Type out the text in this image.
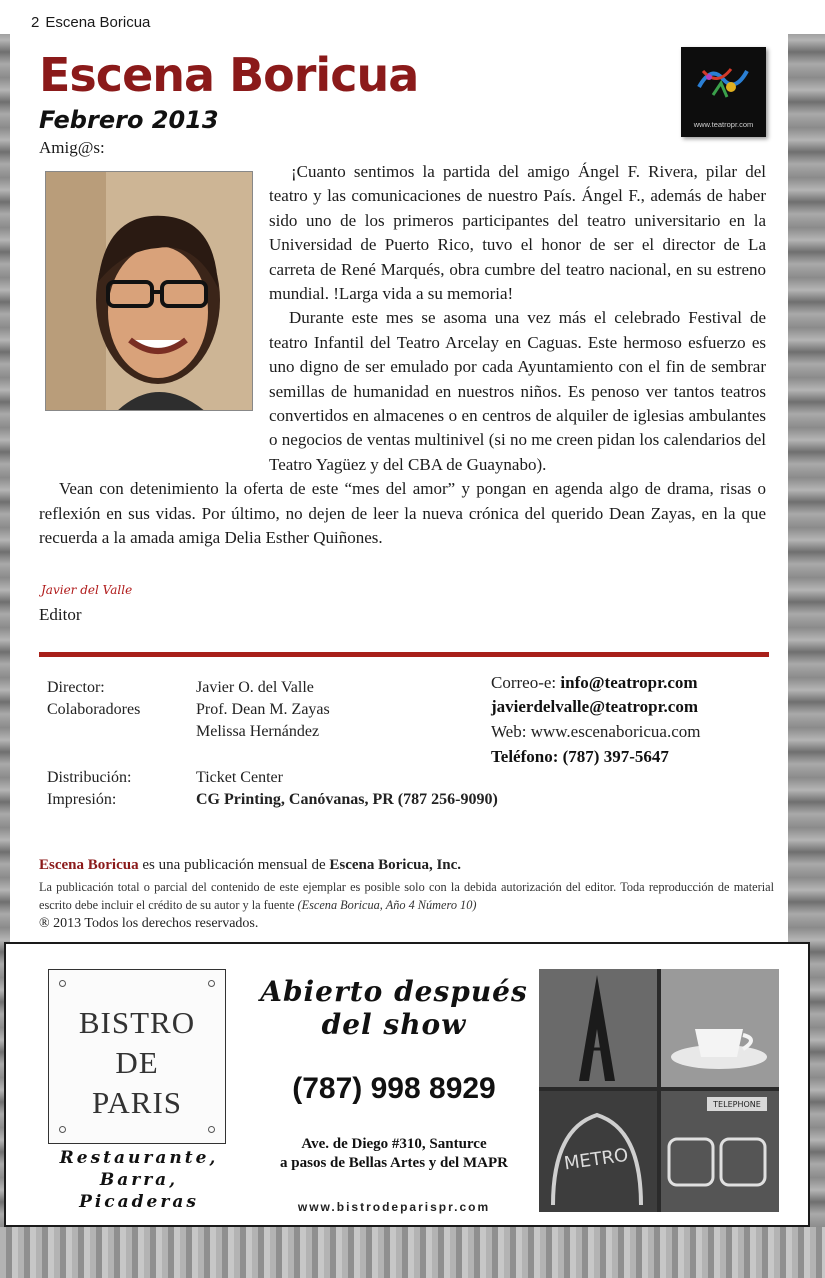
2 Escena Boricua
Escena Boricua
Febrero 2013	www.teatropr.com
Amig@s:

¡Cuanto sentimos la partida del amigo Ángel F. Rivera, pilar del teatro y las comunicaciones de nuestro País. Ángel F., además de haber sido uno de los primeros participantes del teatro universitario en la Universidad de Puerto Rico, tuvo el honor de ser el director de La carreta de René Marqués, obra cumbre del teatro nacional, en su estreno mundial. !Larga vida a su memoria!

Durante este mes se asoma una vez más el celebrado Festival de teatro Infantil del Teatro Arcelay en Caguas. Este hermoso esfuerzo es uno digno de ser emulado por cada Ayuntamiento con el fin de sembrar semillas de humanidad en nuestros niños. Es penoso ver tantos teatros convertidos en almacenes o en centros de alquiler de iglesias ambulantes o negocios de ventas multinivel (si no me creen pidan los calendarios del Teatro Yagüez y del CBA de Guaynabo).

Vean con detenimiento la oferta de este “mes del amor” y pongan en agenda algo de drama, risas o reflexión en sus vidas. Por último, no dejen de leer la nueva crónica del querido Dean Zayas, en la que recuerda a la amada amiga Delia Esther Quiñones.

Javier del Valle
Editor
Director:	Javier O. del Valle
Colaboradores	Prof. Dean M. Zayas
Melissa Hernández
Distribución:	Ticket Center
Impresión:	CG Printing, Canóvanas, PR (787 256-9090)
Correo-e: info@teatropr.com
javierdelvalle@teatropr.com
Web: www.escenaboricua.com
Teléfono: (787) 397-5647
Escena Boricua es una publicación mensual de Escena Boricua, Inc.
La publicación total o parcial del contenido de este ejemplar es posible solo con la debida autorización del editor. Toda reproducción de material escrito debe incluir el crédito de su autor y la fuente (Escena Boricua, Año 4 Número 10)
® 2013 Todos los derechos reservados.
BISTRO
DE
PARIS
Restaurante,
Barra,
Picaderas
Abierto después
del show
(787) 998 8929
Ave. de Diego #310, Santurce
a pasos de Bellas Artes y del MAPR
www.bistrodeparispr.com
METRO
TELEPHONE
